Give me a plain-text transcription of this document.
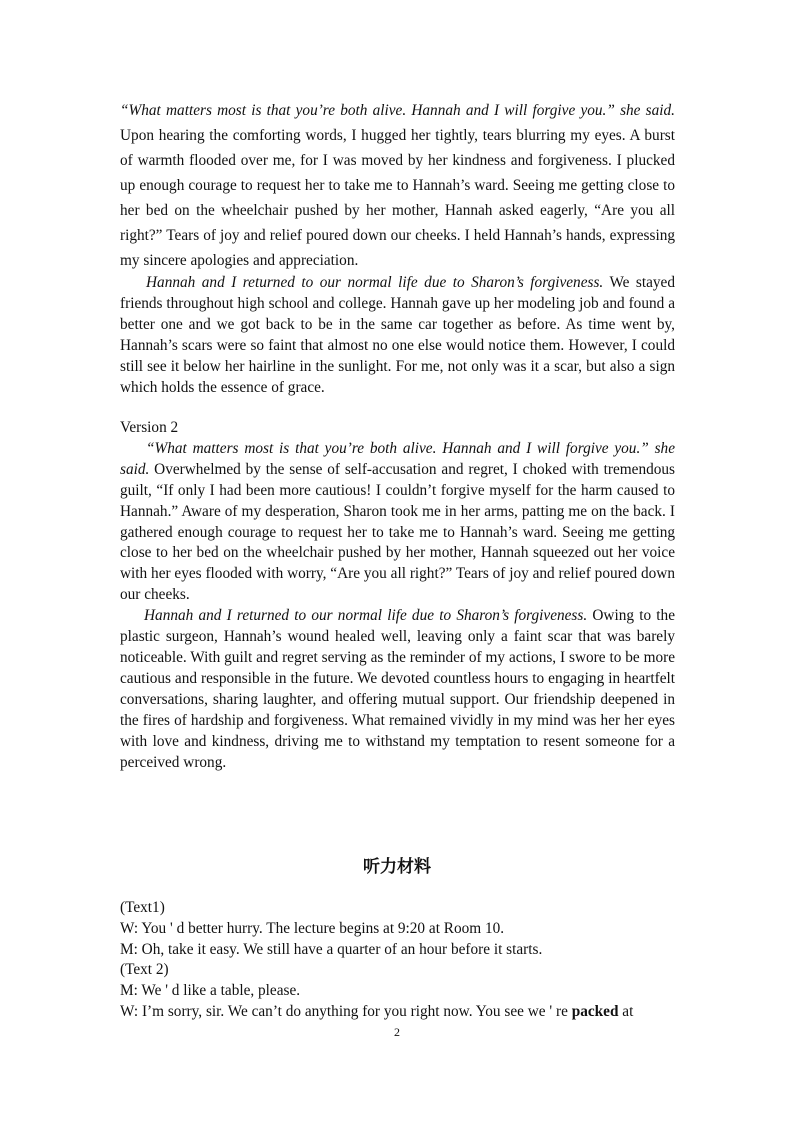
“What matters most is that you’re both alive. Hannah and I will forgive you.” she said. Upon hearing the comforting words, I hugged her tightly, tears blurring my eyes. A burst of warmth flooded over me, for I was moved by her kindness and forgiveness. I plucked up enough courage to request her to take me to Hannah’s ward. Seeing me getting close to her bed on the wheelchair pushed by her mother, Hannah asked eagerly, “Are you all right?” Tears of joy and relief poured down our cheeks. I held Hannah’s hands, expressing my sincere apologies and appreciation.

Hannah and I returned to our normal life due to Sharon’s forgiveness. We stayed friends throughout high school and college. Hannah gave up her modeling job and found a better one and we got back to be in the same car together as before. As time went by, Hannah’s scars were so faint that almost no one else would notice them. However, I could still see it below her hairline in the sunlight. For me, not only was it a scar, but also a sign which holds the essence of grace.

Version 2

“What matters most is that you’re both alive. Hannah and I will forgive you.” she said. Overwhelmed by the sense of self-accusation and regret, I choked with tremendous guilt, “If only I had been more cautious! I couldn’t forgive myself for the harm caused to Hannah.” Aware of my desperation, Sharon took me in her arms, patting me on the back. I gathered enough courage to request her to take me to Hannah’s ward. Seeing me getting close to her bed on the wheelchair pushed by her mother, Hannah squeezed out her voice with her eyes flooded with worry, “Are you all right?” Tears of joy and relief poured down our cheeks.

Hannah and I returned to our normal life due to Sharon’s forgiveness. Owing to the plastic surgeon, Hannah’s wound healed well, leaving only a faint scar that was barely noticeable. With guilt and regret serving as the reminder of my actions, I swore to be more cautious and responsible in the future. We devoted countless hours to engaging in heartfelt conversations, sharing laughter, and offering mutual support. Our friendship deepened in the fires of hardship and forgiveness. What remained vividly in my mind was her her eyes with love and kindness, driving me to withstand my temptation to resent someone for a perceived wrong.

听力材料

(Text1)

W: You ' d better hurry. The lecture begins at 9:20 at Room 10.

M: Oh, take it easy. We still have a quarter of an hour before it starts.

(Text 2)

M: We ' d like a table, please.

W: I’m sorry, sir. We can’t do anything for you right now. You see we ' re packed at

2
